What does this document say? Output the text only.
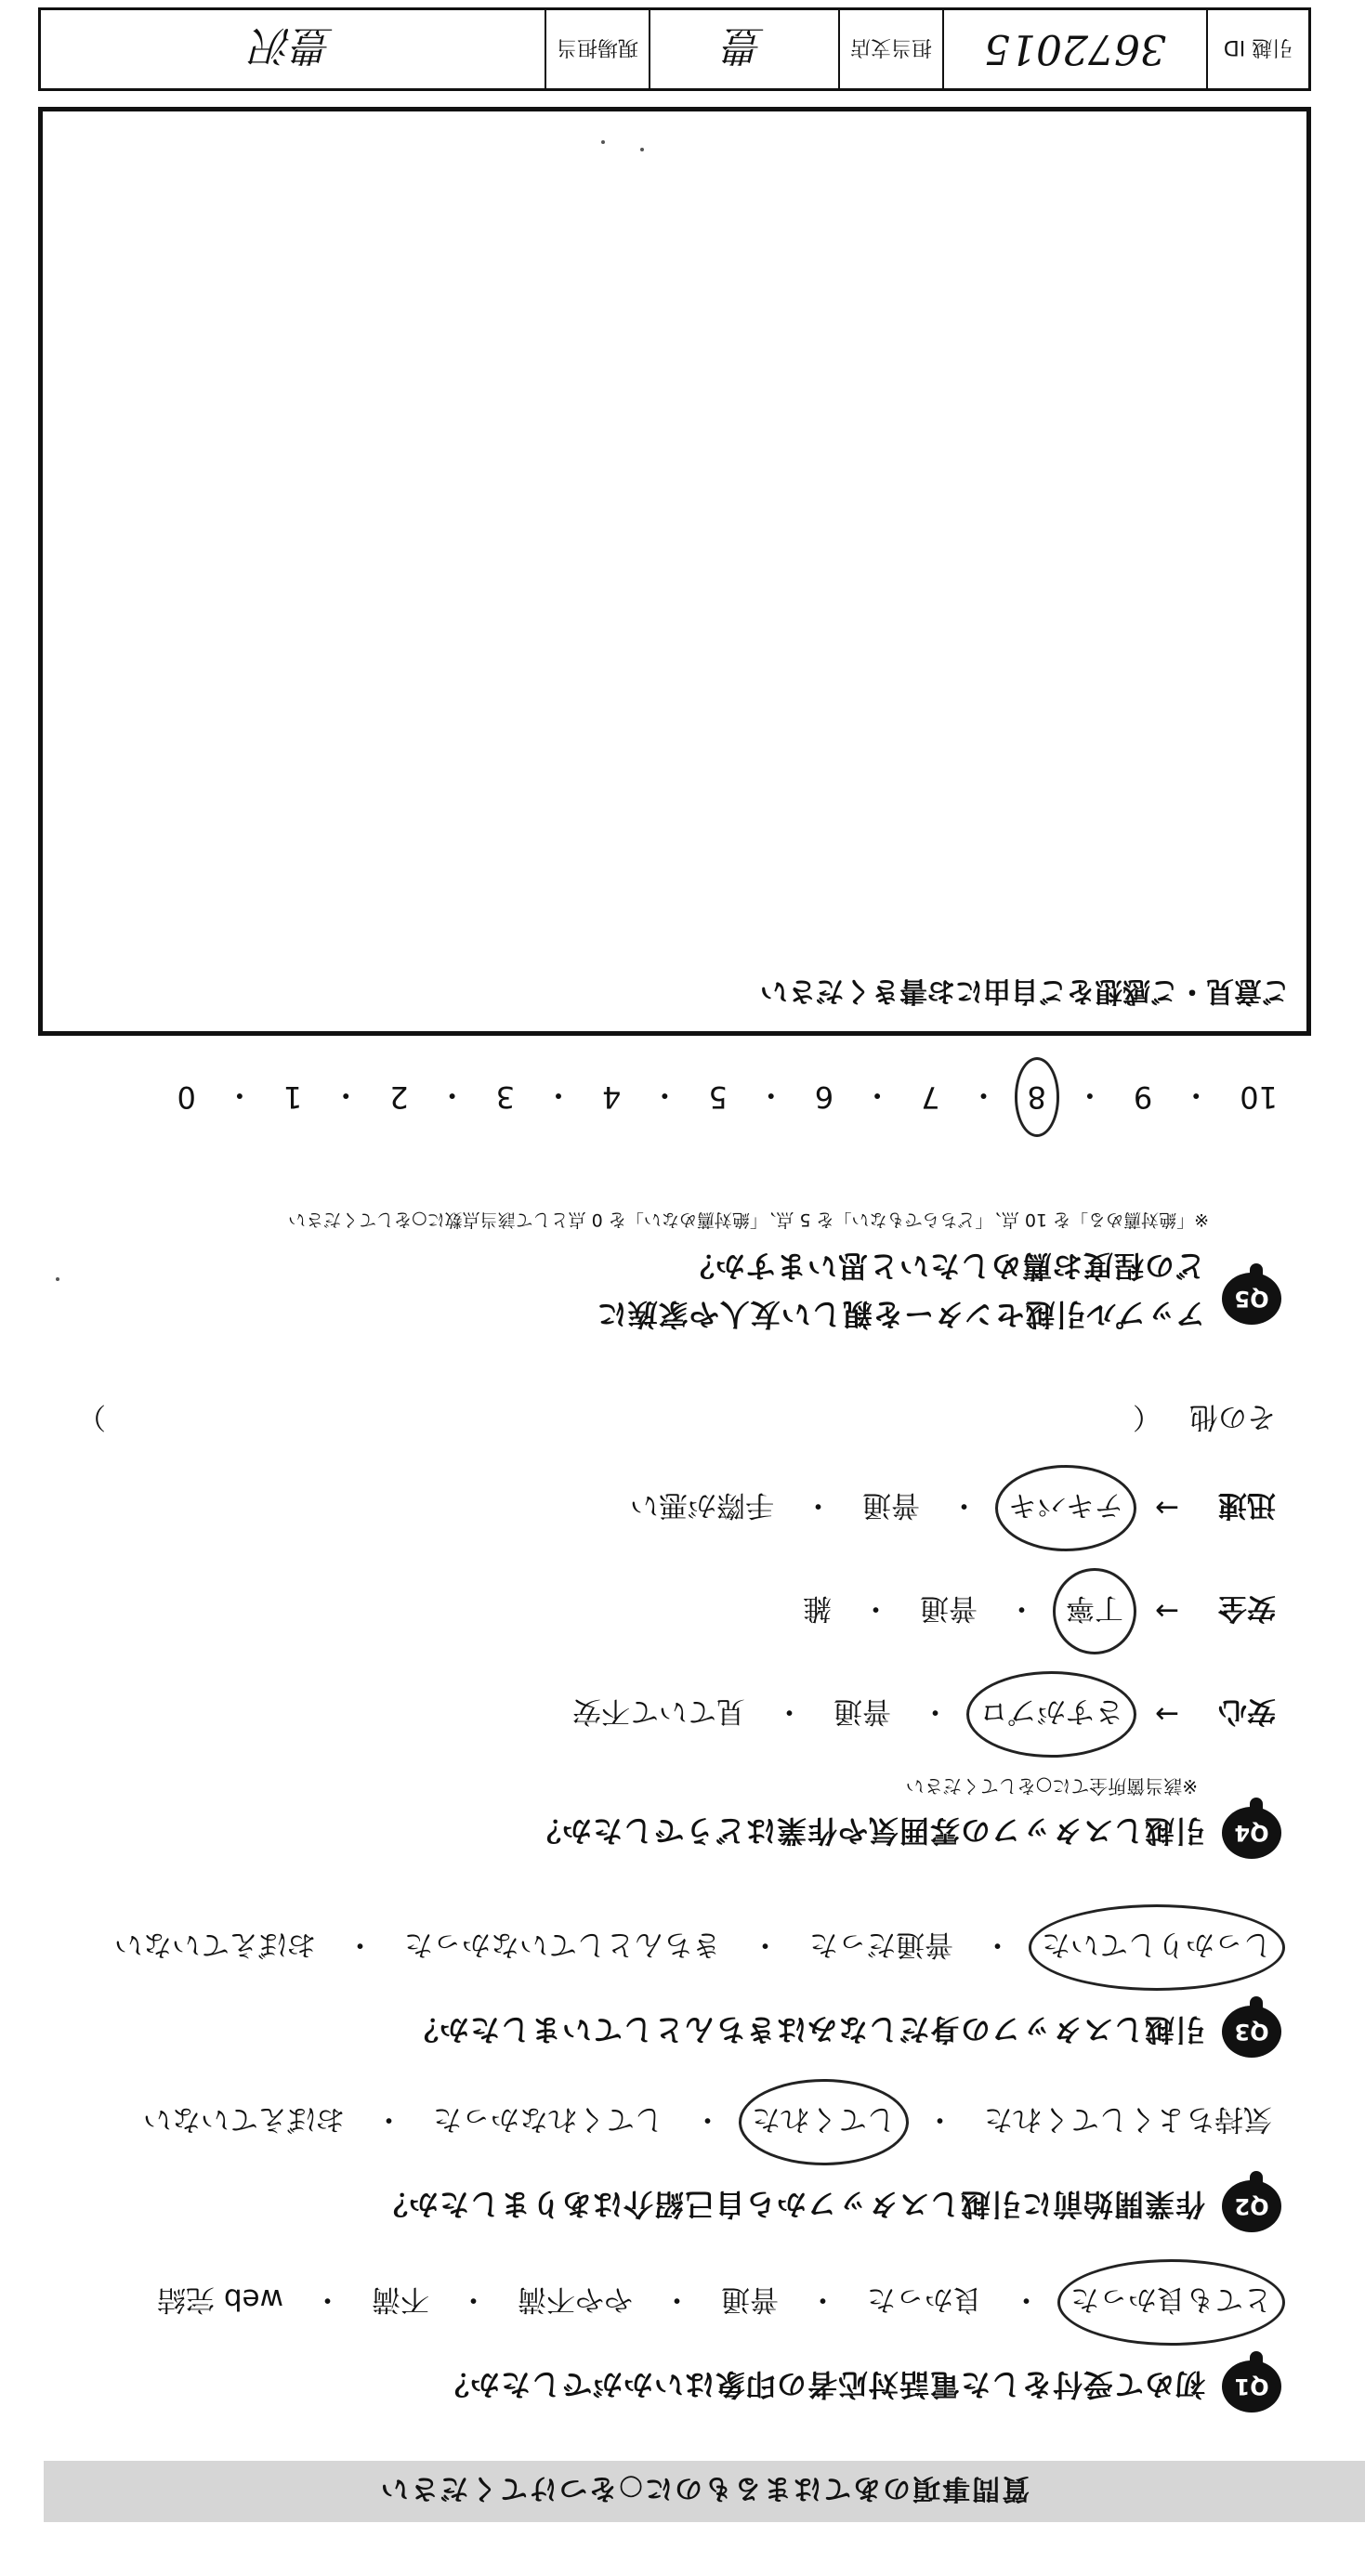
質問事項のあてはまるものに○をつけてください
Q1
初めて受付をした電話対応者の印象はいかがでしたか？
とても良かった
・
良かった
・
普通
・
やや不満
・
不満
・
web 完結
Q2
作業開始前に引越しスタッフから自己紹介はありましたか？
気持ちよくしてくれた
・
してくれた
・
してくれなかった
・
おぼえていない
Q3
引越しスタッフの身だしなみはきちんとしていましたか？
しっかりしていた
・
普通だった
・
きちんとしていなかった
・
おぼえていない
Q4
引越しスタッフの雰囲気や作業はどうでしたか？
※該当箇所全てに○をしてください
安心
→
さすがプロ
・
普通
・
見ていて不安
安全
→
丁寧
・
普通
・
雑
迅速
→
テキパキ
・
普通
・
手際が悪い
その他
（
）
Q5
アップル引越センターを親しい友人や家族に
どの程度お薦めしたいと思いますか？
※「絶対薦める」を 10 点、「どちらでもない」を 5 点、「絶対薦めない」を 0 点として該当点数に○をしてください
10
・
9
・
8
・
7
・
6
・
5
・
4
・
3
・
2
・
1
・
0
ご意見・ご感想をご自由にお書きください
引越 ID
3672015
担当支店
豊
現場担当
豊沢
